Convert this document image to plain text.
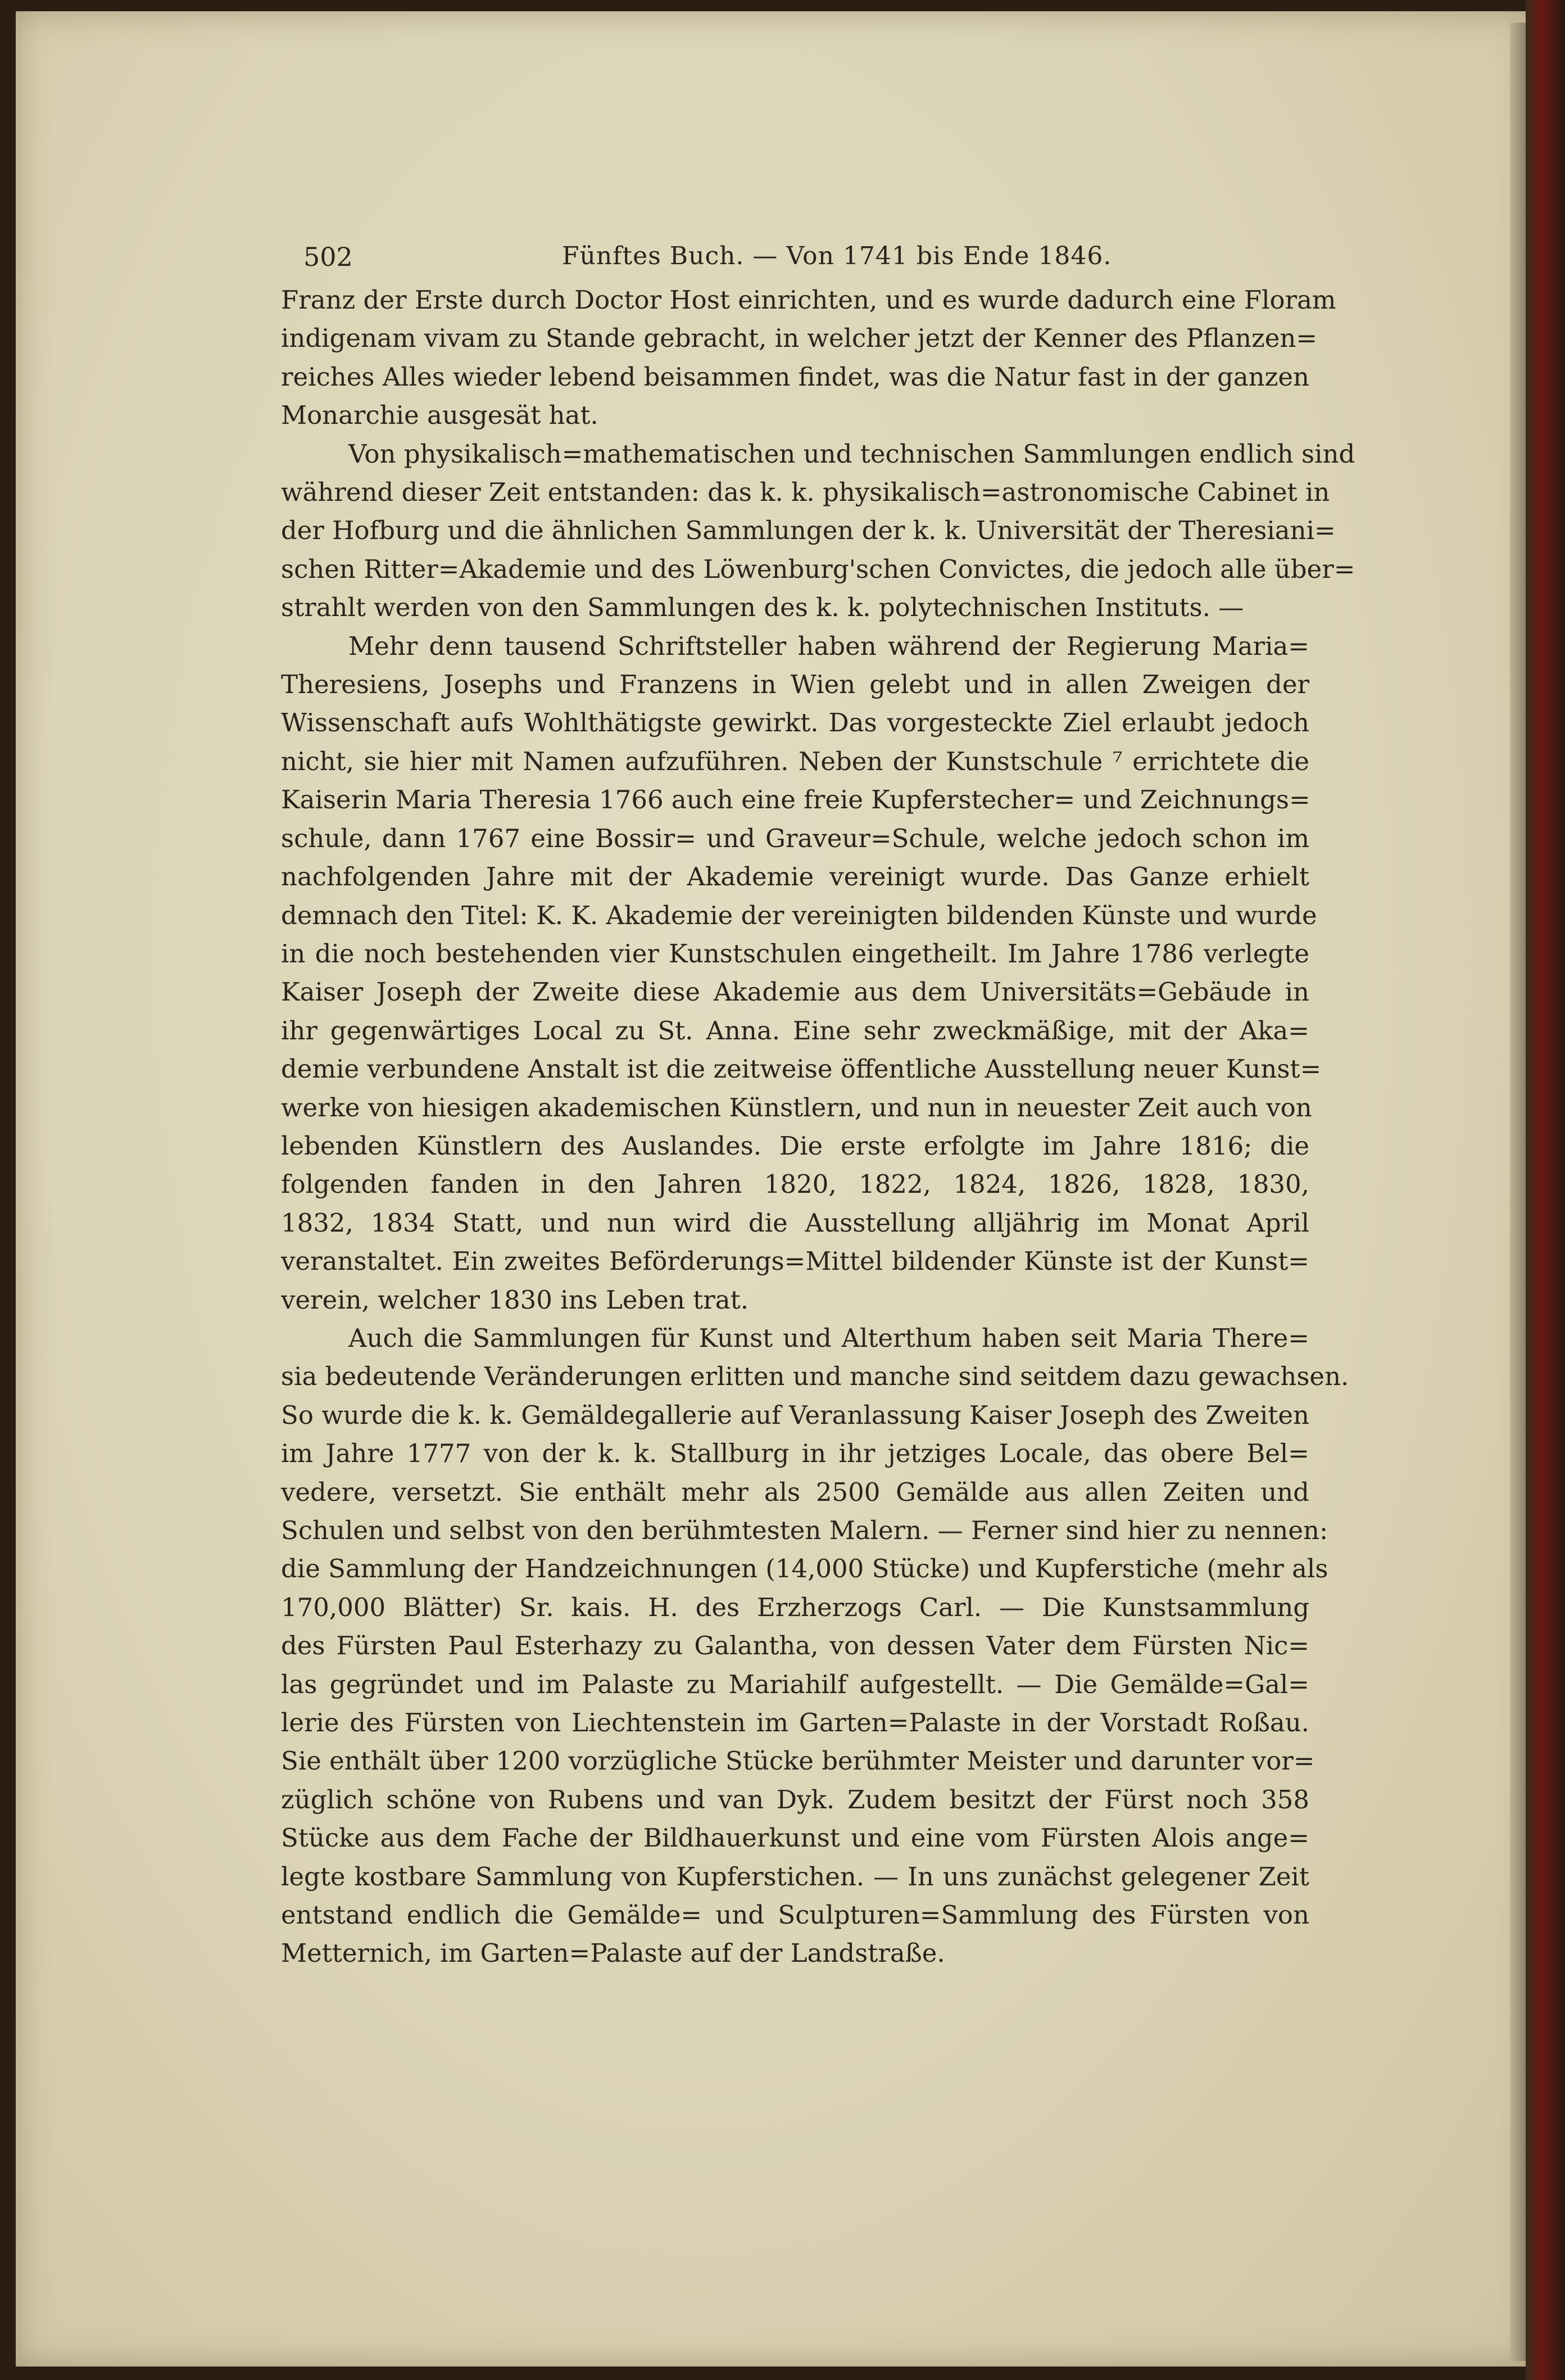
502	Fünftes Buch. — Von 1741 bis Ende 1846.

Franz der Erste durch Doctor Host einrichten, und es wurde dadurch eine Floram
indigenam vivam zu Stande gebracht, in welcher jetzt der Kenner des Pflanzen=
reiches Alles wieder lebend beisammen findet, was die Natur fast in der ganzen
Monarchie ausgesät hat.

Von physikalisch=mathematischen und technischen Sammlungen endlich sind
während dieser Zeit entstanden: das k. k. physikalisch=astronomische Cabinet in
der Hofburg und die ähnlichen Sammlungen der k. k. Universität der Theresiani=
schen Ritter=Akademie und des Löwenburg'schen Convictes, die jedoch alle über=
strahlt werden von den Sammlungen des k. k. polytechnischen Instituts. —

Mehr denn tausend Schriftsteller haben während der Regierung Maria=
Theresiens, Josephs und Franzens in Wien gelebt und in allen Zweigen der
Wissenschaft aufs Wohlthätigste gewirkt. Das vorgesteckte Ziel erlaubt jedoch
nicht, sie hier mit Namen aufzuführen. Neben der Kunstschule ⁷ errichtete die
Kaiserin Maria Theresia 1766 auch eine freie Kupferstecher= und Zeichnungs=
schule, dann 1767 eine Bossir= und Graveur=Schule, welche jedoch schon im
nachfolgenden Jahre mit der Akademie vereinigt wurde. Das Ganze erhielt
demnach den Titel: K. K. Akademie der vereinigten bildenden Künste und wurde
in die noch bestehenden vier Kunstschulen eingetheilt. Im Jahre 1786 verlegte
Kaiser Joseph der Zweite diese Akademie aus dem Universitäts=Gebäude in
ihr gegenwärtiges Local zu St. Anna. Eine sehr zweckmäßige, mit der Aka=
demie verbundene Anstalt ist die zeitweise öffentliche Ausstellung neuer Kunst=
werke von hiesigen akademischen Künstlern, und nun in neuester Zeit auch von
lebenden Künstlern des Auslandes. Die erste erfolgte im Jahre 1816; die
folgenden fanden in den Jahren 1820, 1822, 1824, 1826, 1828, 1830,
1832, 1834 Statt, und nun wird die Ausstellung alljährig im Monat April
veranstaltet. Ein zweites Beförderungs=Mittel bildender Künste ist der Kunst=
verein, welcher 1830 ins Leben trat.

Auch die Sammlungen für Kunst und Alterthum haben seit Maria There=
sia bedeutende Veränderungen erlitten und manche sind seitdem dazu gewachsen.
So wurde die k. k. Gemäldegallerie auf Veranlassung Kaiser Joseph des Zweiten
im Jahre 1777 von der k. k. Stallburg in ihr jetziges Locale, das obere Bel=
vedere, versetzt. Sie enthält mehr als 2500 Gemälde aus allen Zeiten und
Schulen und selbst von den berühmtesten Malern. — Ferner sind hier zu nennen:
die Sammlung der Handzeichnungen (14,000 Stücke) und Kupferstiche (mehr als
170,000 Blätter) Sr. kais. H. des Erzherzogs Carl. — Die Kunstsammlung
des Fürsten Paul Esterhazy zu Galantha, von dessen Vater dem Fürsten Nic=
las gegründet und im Palaste zu Mariahilf aufgestellt. — Die Gemälde=Gal=
lerie des Fürsten von Liechtenstein im Garten=Palaste in der Vorstadt Roßau.
Sie enthält über 1200 vorzügliche Stücke berühmter Meister und darunter vor=
züglich schöne von Rubens und van Dyk. Zudem besitzt der Fürst noch 358
Stücke aus dem Fache der Bildhauerkunst und eine vom Fürsten Alois ange=
legte kostbare Sammlung von Kupferstichen. — In uns zunächst gelegener Zeit
entstand endlich die Gemälde= und Sculpturen=Sammlung des Fürsten von
Metternich, im Garten=Palaste auf der Landstraße.
